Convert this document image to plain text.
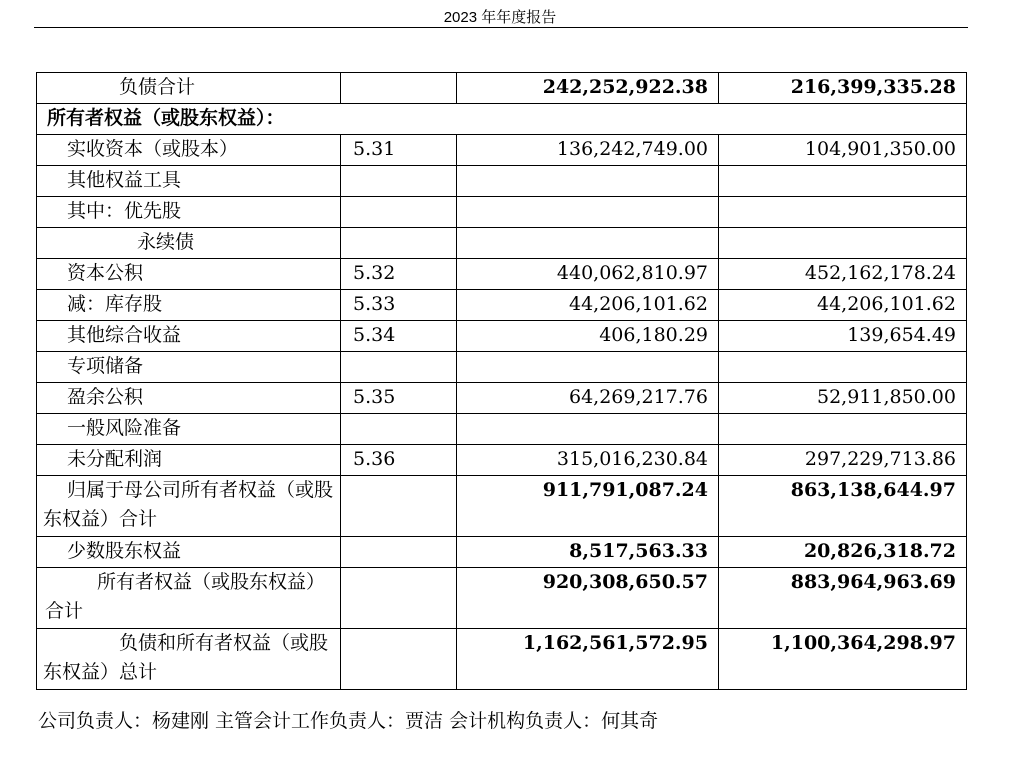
2023 年年度报告
负债合计		242,252,922.38	216,399,335.28
所有者权益（或股东权益）：			
实收资本（或股本）	5.31	136,242,749.00	104,901,350.00
其他权益工具			
其中：优先股			
永续债			
资本公积	5.32	440,062,810.97	452,162,178.24
减：库存股	5.33	44,206,101.62	44,206,101.62
其他综合收益	5.34	406,180.29	139,654.49
专项储备			
盈余公积	5.35	64,269,217.76	52,911,850.00
一般风险准备			
未分配利润	5.36	315,016,230.84	297,229,713.86
归属于母公司所有者权益（或股东权益）合计		911,791,087.24	863,138,644.97
少数股东权益		8,517,563.33	20,826,318.72
所有者权益（或股东权益）合计		920,308,650.57	883,964,963.69
负债和所有者权益（或股东权益）总计		1,162,561,572.95	1,100,364,298.97
公司负责人：杨建刚 主管会计工作负责人：贾洁 会计机构负责人：何其奇
